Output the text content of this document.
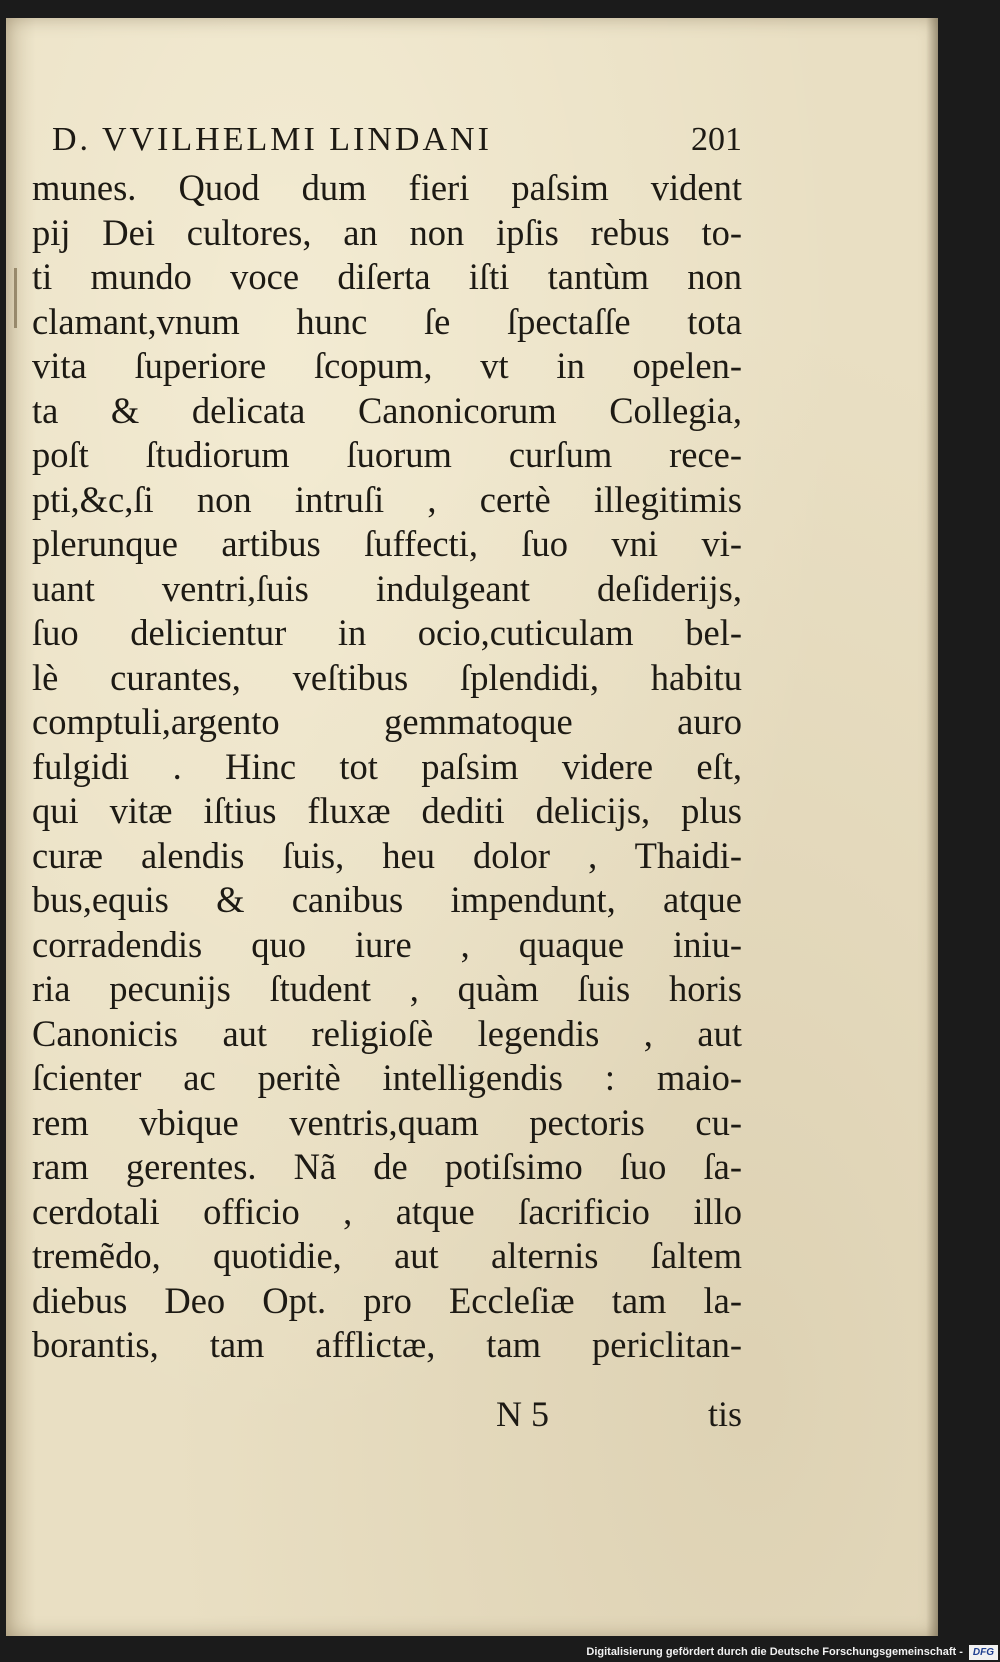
D. VVILHELMI LINDANI	201
munes. Quod dum fieri paſsim vident
pij Dei cultores, an non ipſis rebus to-
ti mundo voce diſerta iſti tantùm non
clamant,vnum hunc ſe ſpectaſſe tota
vita ſuperiore ſcopum, vt in opelen-
ta & delicata Canonicorum Collegia,
poſt ſtudiorum ſuorum curſum rece-
pti,&c,ſi non intruſi , certè illegitimis
plerunque artibus ſuffecti, ſuo vni vi-
uant ventri,ſuis indulgeant deſiderijs,
ſuo delicientur in ocio,cuticulam bel-
lè curantes, veſtibus ſplendidi, habitu
comptuli,argento gemmatoque auro
fulgidi . Hinc tot paſsim videre eſt,
qui vitæ iſtius fluxæ dediti delicijs, plus
curæ alendis ſuis, heu dolor , Thaidi-
bus,equis & canibus impendunt, atque
corradendis quo iure , quaque iniu-
ria pecunijs ſtudent , quàm ſuis horis
Canonicis aut religioſè legendis , aut
ſcienter ac peritè intelligendis : maio-
rem vbique ventris,quam pectoris cu-
ram gerentes. Nã de potiſsimo ſuo ſa-
cerdotali officio , atque ſacrificio illo
tremẽdo, quotidie, aut alternis ſaltem
diebus Deo Opt. pro Eccleſiæ tam la-
borantis, tam afflictæ, tam periclitan-
N 5	tis
Digitalisierung gefördert durch die Deutsche Forschungsgemeinschaft -	DFG
